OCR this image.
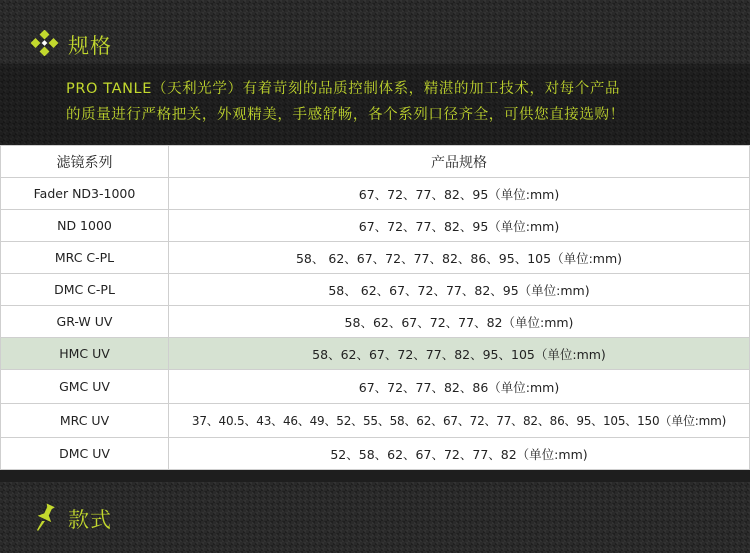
规格

PRO TANLE（天利光学）有着苛刻的品质控制体系，精湛的加工技术，对每个产品

的质量进行严格把关，外观精美，手感舒畅，各个系列口径齐全，可供您直接选购！

滤镜系列	产品规格
Fader ND3-1000	67、72、77、82、95（单位:mm)
ND 1000	67、72、77、82、95（单位:mm)
MRC C-PL	58、 62、67、72、77、82、86、95、105（单位:mm)
DMC C-PL	58、 62、67、72、77、82、95（单位:mm)
GR-W UV	58、62、67、72、77、82（单位:mm)
HMC UV	58、62、67、72、77、82、95、105（单位:mm)
GMC UV	67、72、77、82、86（单位:mm)
MRC UV	37、40.5、43、46、49、52、55、58、62、67、72、77、82、86、95、105、150（单位:mm)
DMC UV	52、58、62、67、72、77、82（单位:mm)
款式
